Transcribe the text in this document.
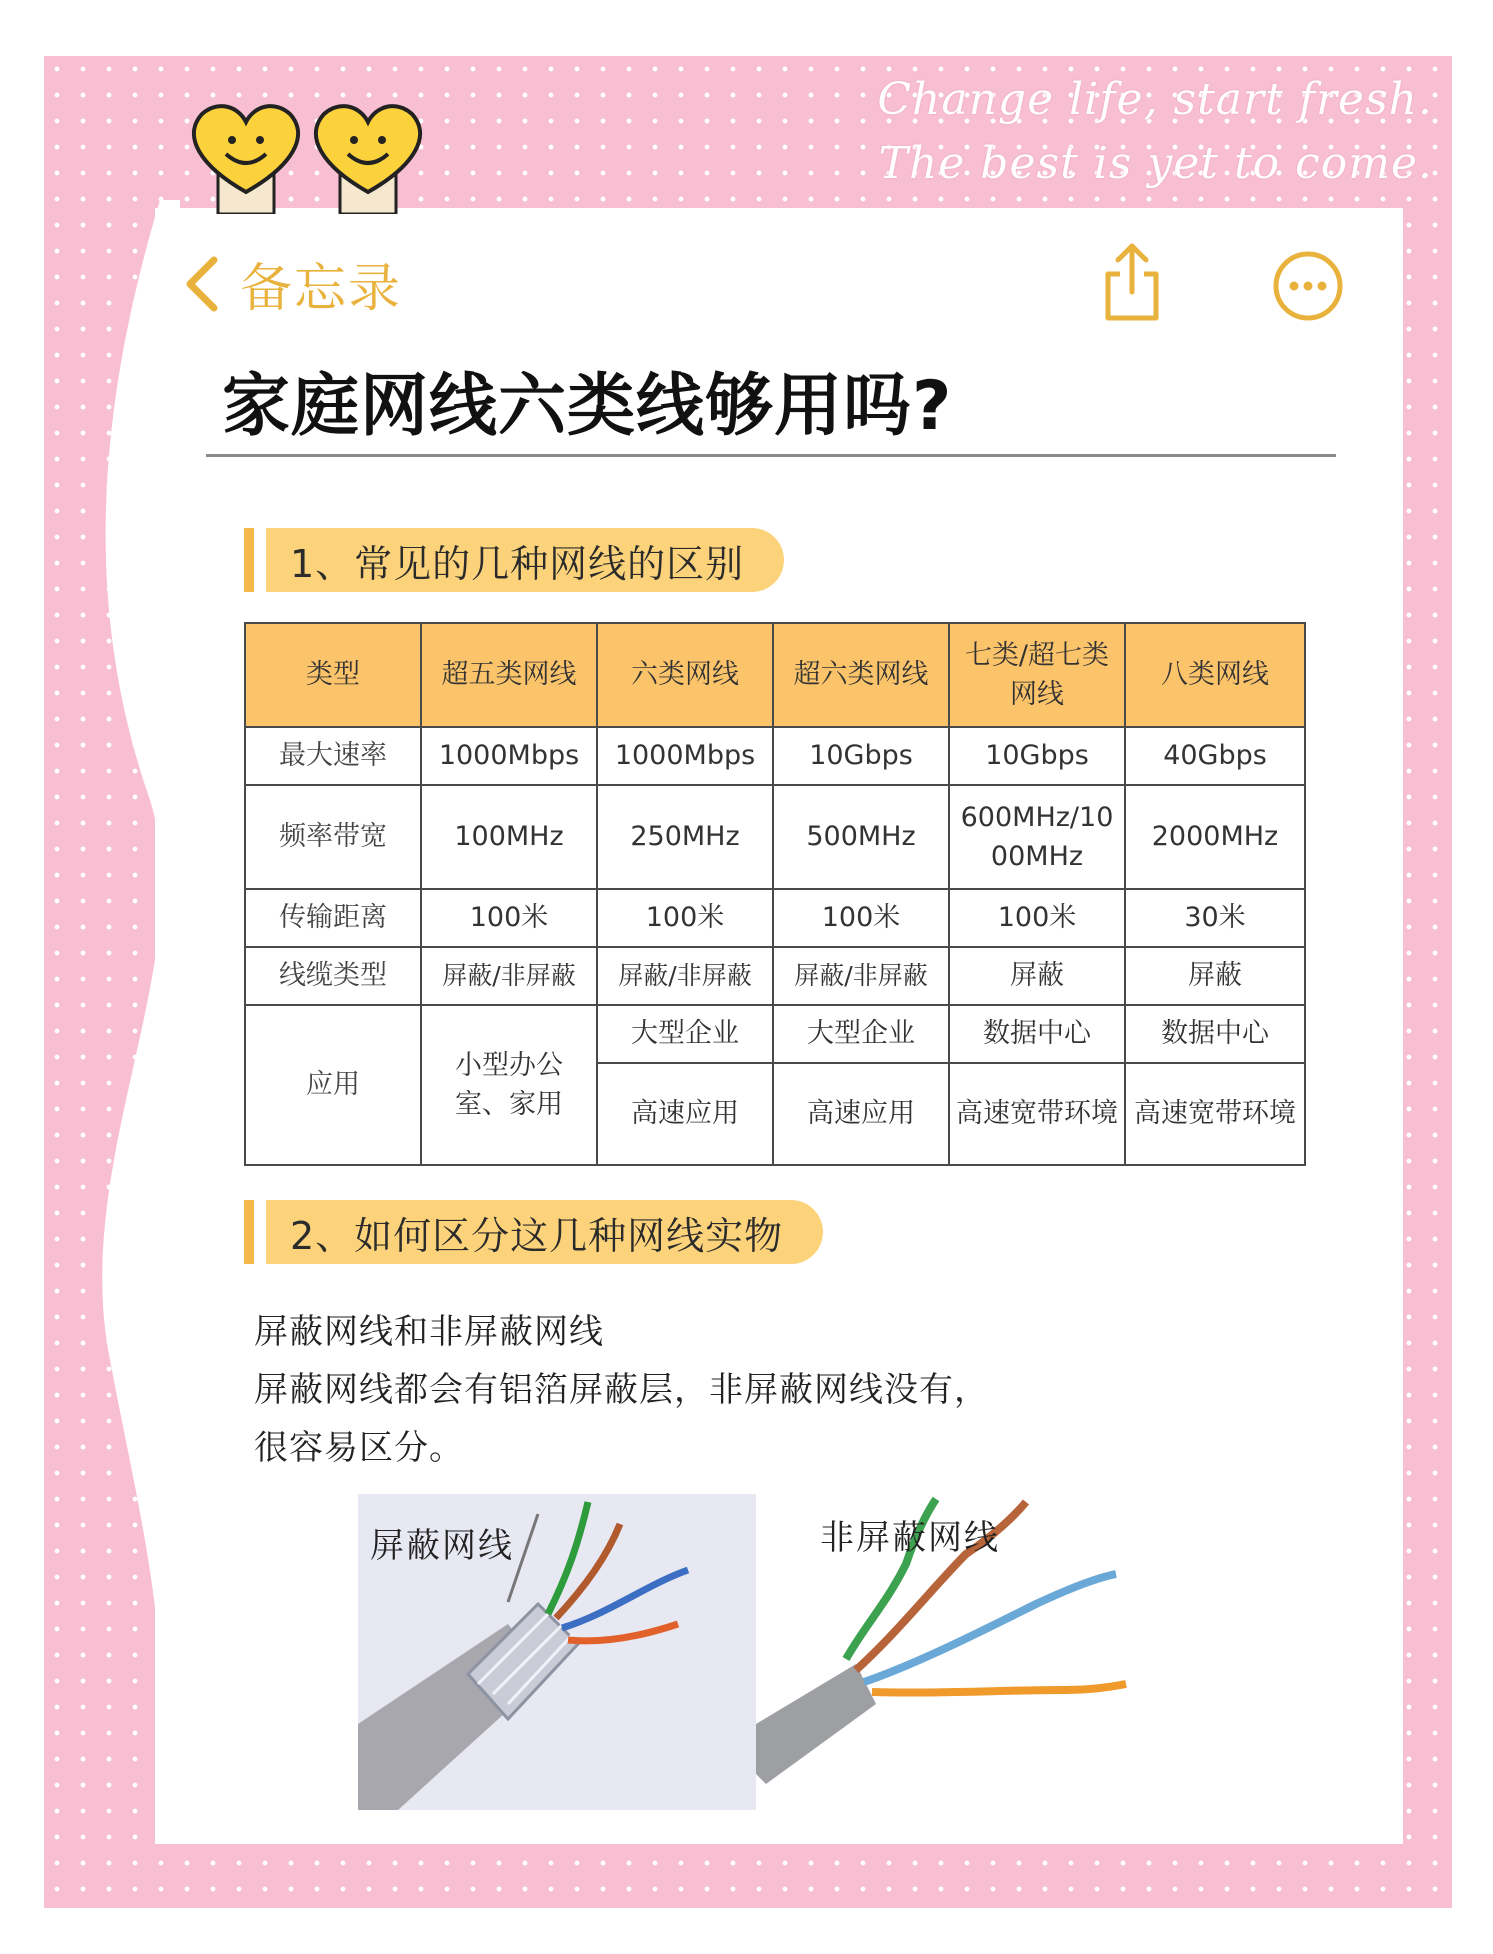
Change life, start fresh.
The best is yet to come.
备忘录
家庭网线六类线够用吗?
1、常见的几种网线的区别
类型	超五类网线	六类网线	超六类网线	七类/超七类网线	八类网线
最大速率	1000Mbps	1000Mbps	10Gbps	10Gbps	40Gbps
频率带宽	100MHz	250MHz	500MHz	600MHz/1000MHz	2000MHz
传输距离	100米	100米	100米	100米	30米
线缆类型	屏蔽/非屏蔽	屏蔽/非屏蔽	屏蔽/非屏蔽	屏蔽	屏蔽
应用	小型办公室、家用	大型企业	大型企业	数据中心	数据中心
		高速应用	高速应用	高速宽带环境	高速宽带环境
2、如何区分这几种网线实物
屏蔽网线和非屏蔽网线
屏蔽网线都会有铝箔屏蔽层，非屏蔽网线没有，
很容易区分。
屏蔽网线	非屏蔽网线
